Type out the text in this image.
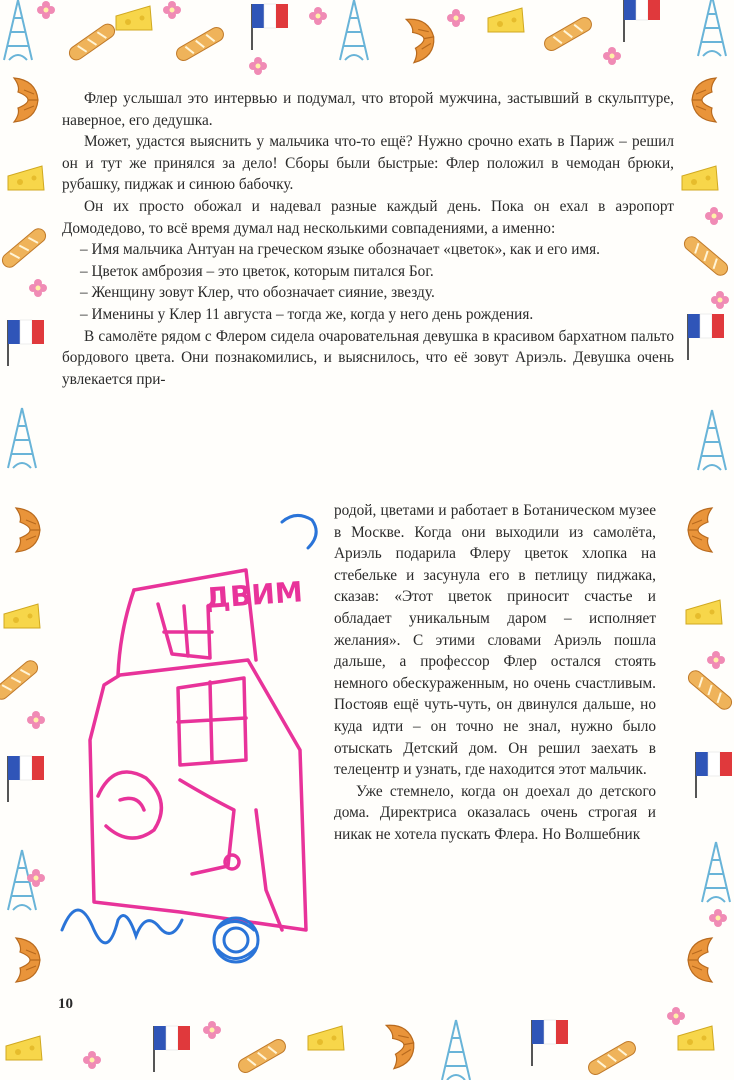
Флер услышал это интервью и подумал, что второй мужчина, застывший в скульптуре, наверное, его дедушка.

Может, удастся выяснить у мальчика что-то ещё? Нужно срочно ехать в Париж – решил он и тут же принялся за дело! Сборы были быстрые: Флер положил в чемодан брюки, рубашку, пиджак и синюю бабочку.

Он их просто обожал и надевал разные каждый день. Пока он ехал в аэропорт Домодедово, то всё время думал над несколькими совпадениями, а именно:

– Имя мальчика Антуан на греческом языке обозначает «цветок», как и его имя.

– Цветок амброзия – это цветок, которым питался Бог.

– Женщину зовут Клер, что обозначает сияние, звезду.

– Именины у Клер 11 августа – тогда же, когда у него день рождения.

В самолёте рядом с Флером сидела очаровательная девушка в красивом бархатном пальто бордового цвета. Они познакомились, и выяснилось, что её зовут Ариэль. Девушка очень увлекается при-

ДВИМ

родой, цветами и работает в Ботаническом музее в Москве. Когда они выходили из самолёта, Ариэль подарила Флеру цветок хлопка на стебельке и засунула его в петлицу пиджака, сказав: «Этот цветок приносит счастье и обладает уникальным даром – исполняет желания». С этими словами Ариэль пошла дальше, а профессор Флер остался стоять немного обескураженным, но очень счастливым. Постояв ещё чуть-чуть, он двинулся дальше, но куда идти – он точно не знал, нужно было отыскать Детский дом. Он решил заехать в телецентр и узнать, где находится этот мальчик.

Уже стемнело, когда он доехал до детского дома. Директриса оказалась очень строгая и никак не хотела пускать Флера. Но Волшебник

10
